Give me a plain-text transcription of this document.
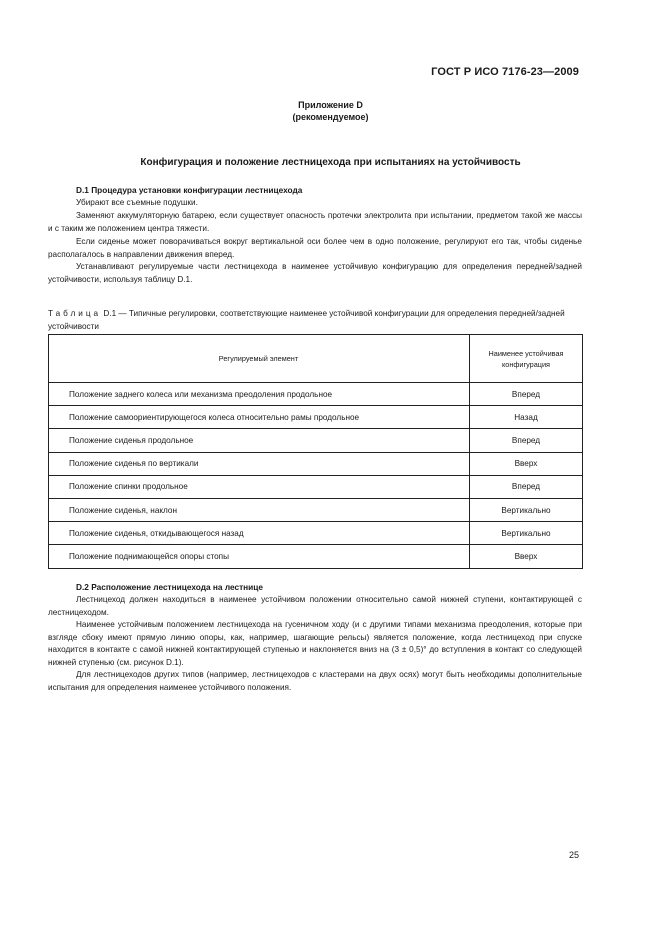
ГОСТ Р ИСО 7176-23—2009
Приложение D
(рекомендуемое)
Конфигурация и положение лестницехода при испытаниях на устойчивость
D.1 Процедура установки конфигурации лестницехода

Убирают все съемные подушки.

Заменяют аккумуляторную батарею, если существует опасность протечки электролита при испытании, предметом такой же массы и с таким же положением центра тяжести.

Если сиденье может поворачиваться вокруг вертикальной оси более чем в одно положение, регулируют его так, чтобы сиденье располагалось в направлении движения вперед.

Устанавливают регулируемые части лестницехода в наименее устойчивую конфигурацию для определения передней/задней устойчивости, используя таблицу D.1.

Таблица D.1 — Типичные регулировки, соответствующие наименее устойчивой конфигурации для определения передней/задней устойчивости

Регулируемый элемент	Наименее устойчивая конфигурация
Положение заднего колеса или механизма преодоления продольное	Вперед
Положение самоориентирующегося колеса относительно рамы продольное	Назад
Положение сиденья продольное	Вперед
Положение сиденья по вертикали	Вверх
Положение спинки продольное	Вперед
Положение сиденья, наклон	Вертикально
Положение сиденья, откидывающегося назад	Вертикально
Положение поднимающейся опоры стопы	Вверх
D.2 Расположение лестницехода на лестнице

Лестницеход должен находиться в наименее устойчивом положении относительно самой нижней ступени, контактирующей с лестницеходом.

Наименее устойчивым положением лестницехода на гусеничном ходу (и с другими типами механизма преодоления, которые при взгляде сбоку имеют прямую линию опоры, как, например, шагающие рельсы) является положение, когда лестницеход при спуске находится в контакте с самой нижней контактирующей ступенью и наклоняется вниз на (3 ± 0,5)° до вступления в контакт со следующей нижней ступенью (см. рисунок D.1).

Для лестницеходов других типов (например, лестницеходов с кластерами на двух осях) могут быть необходимы дополнительные испытания для определения наименее устойчивого положения.

25
